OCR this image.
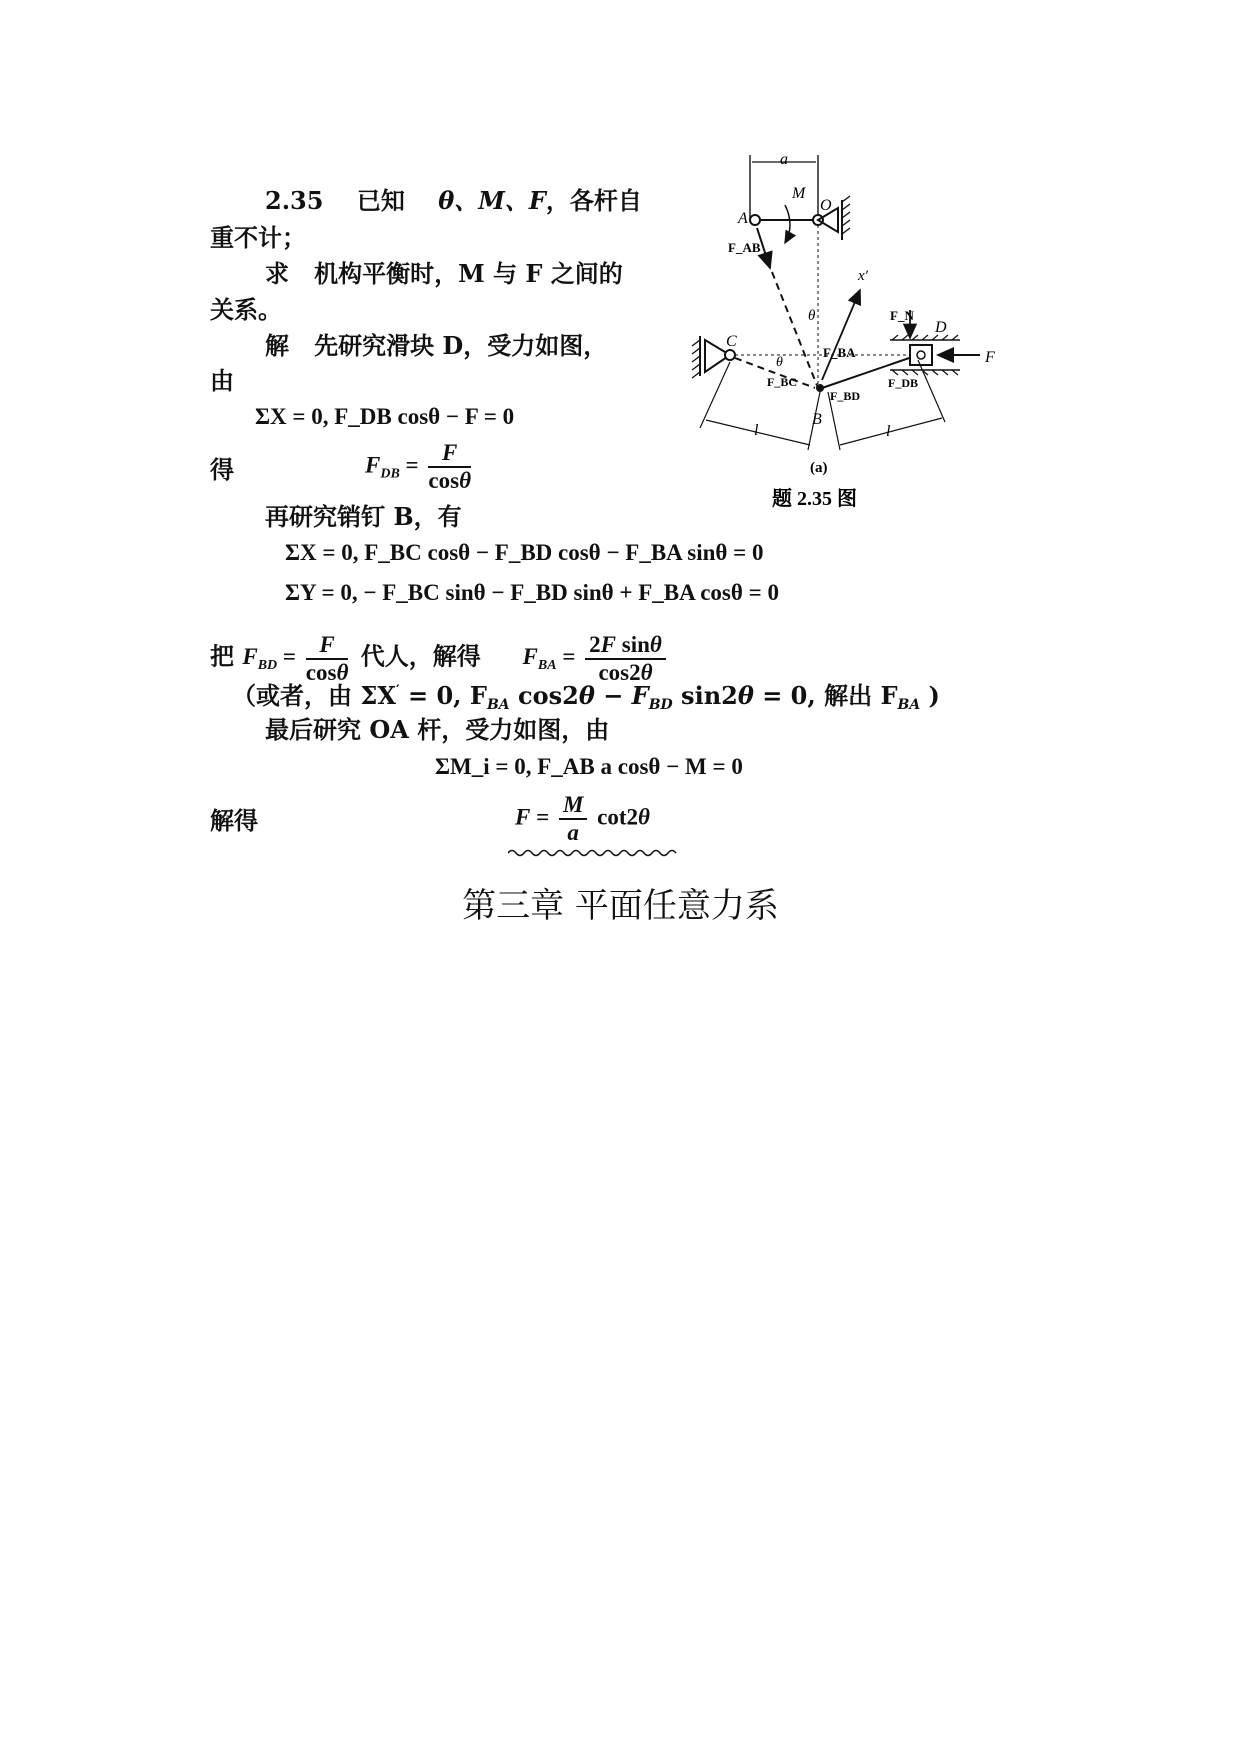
2.35 已知 θ、M、F，各杆自
重不计；
求 机构平衡时，M 与 F 之间的
关系。
解 先研究滑块 D，受力如图，
由
ΣX = 0, F_DB cosθ − F = 0
得	$F_{DB} = \frac{F}{\cos\theta}$
再研究销钉 B，有
ΣX = 0, F_BC cosθ − F_BD cosθ − F_BA sinθ = 0
ΣY = 0, − F_BC sinθ − F_BD sinθ + F_BA cosθ = 0
把 $F_{BD} = \frac{F}{\cos\theta}$ 代人，解得 $F_{BA} = \frac{\text{2F sinθ}}{\cos 2\theta}$
（或者，由 ΣX′ = 0, $F_{BA}$ $\cos 2\theta - F_{BD}$ sin2θ = 0, 解出 $F_{BA}$ )
最后研究 OA 杆，受力如图，由
ΣM_i = 0, F_AB a cosθ − M = 0
解得	$F = \frac{M}{a} \cot 2\theta$
a
O
A
M
θ
F_AB
x′
F_BA
C
θ
F_BC
F_BD
B
D
F_DB
F_N
F
l	l
(a)
题 2.35 图
第三章 平面任意力系
